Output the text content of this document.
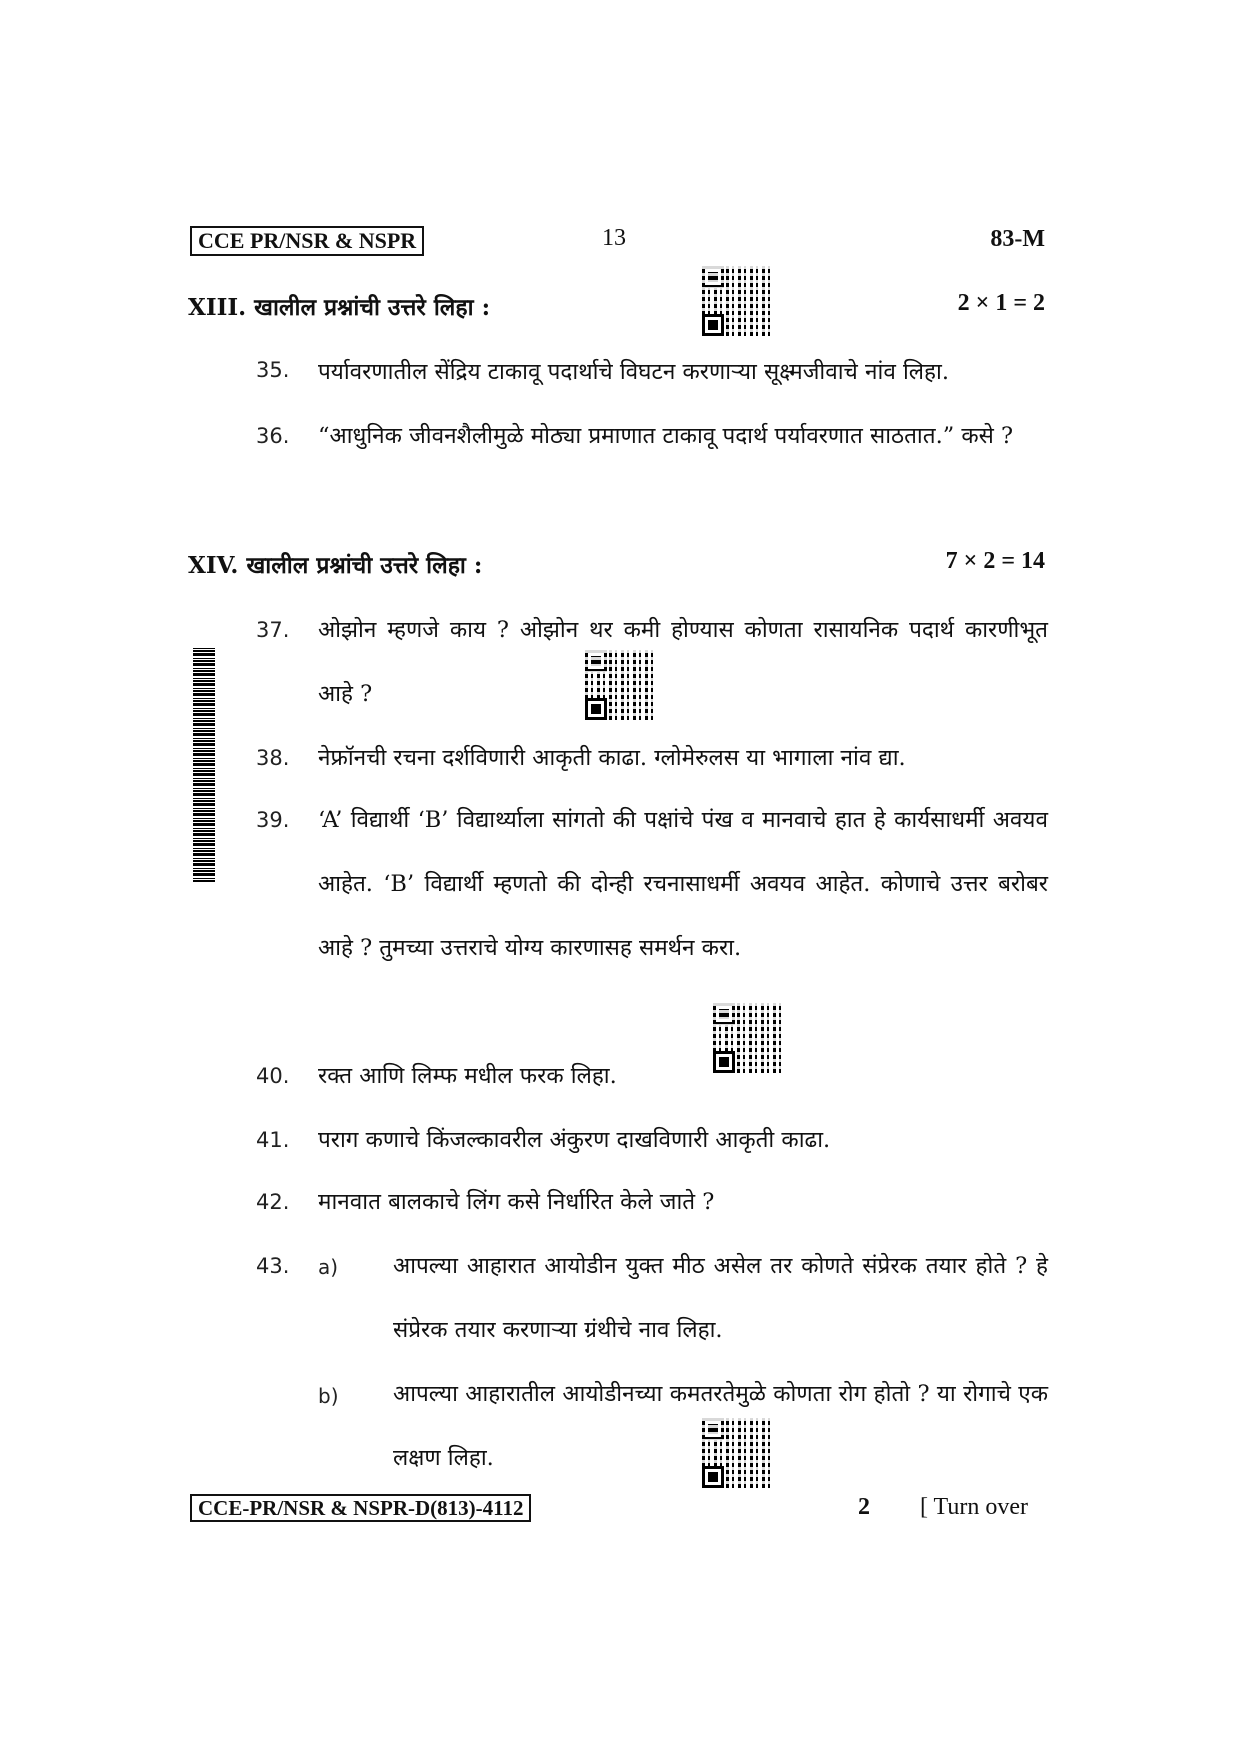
CCE PR/NSR & NSPR	13	83-M
XIII. खालील प्रश्नांची उत्तरे लिहा :	2 × 1 = 2
35. पर्यावरणातील सेंद्रिय टाकावू पदार्थाचे विघटन करणाऱ्या सूक्ष्मजीवाचे नांव लिहा.
36. “आधुनिक जीवनशैलीमुळे मोठ्या प्रमाणात टाकावू पदार्थ पर्यावरणात साठतात.” कसे ?
XIV. खालील प्रश्नांची उत्तरे लिहा :	7 × 2 = 14
37. ओझोन म्हणजे काय ? ओझोन थर कमी होण्यास कोणता रासायनिक पदार्थ कारणीभूत आहे ?
38. नेफ्रॉनची रचना दर्शविणारी आकृती काढा. ग्लोमेरुलस या भागाला नांव द्या.
39. ‘A’ विद्यार्थी ‘B’ विद्यार्थ्याला सांगतो की पक्षांचे पंख व मानवाचे हात हे कार्यसाधर्मी अवयव आहेत. ‘B’ विद्यार्थी म्हणतो की दोन्ही रचनासाधर्मी अवयव आहेत. कोणाचे उत्तर बरोबर आहे ? तुमच्या उत्तराचे योग्य कारणासह समर्थन करा.
40. रक्त आणि लिम्फ मधील फरक लिहा.
41. पराग कणाचे किंजल्कावरील अंकुरण दाखविणारी आकृती काढा.
42. मानवात बालकाचे लिंग कसे निर्धारित केले जाते ?
43. a) आपल्या आहारात आयोडीन युक्त मीठ असेल तर कोणते संप्रेरक तयार होते ? हे संप्रेरक तयार करणाऱ्या ग्रंथीचे नाव लिहा.
b) आपल्या आहारातील आयोडीनच्या कमतरतेमुळे कोणता रोग होतो ? या रोगाचे एक लक्षण लिहा.
CCE-PR/NSR & NSPR-D(813)-4112	2 [ Turn over
